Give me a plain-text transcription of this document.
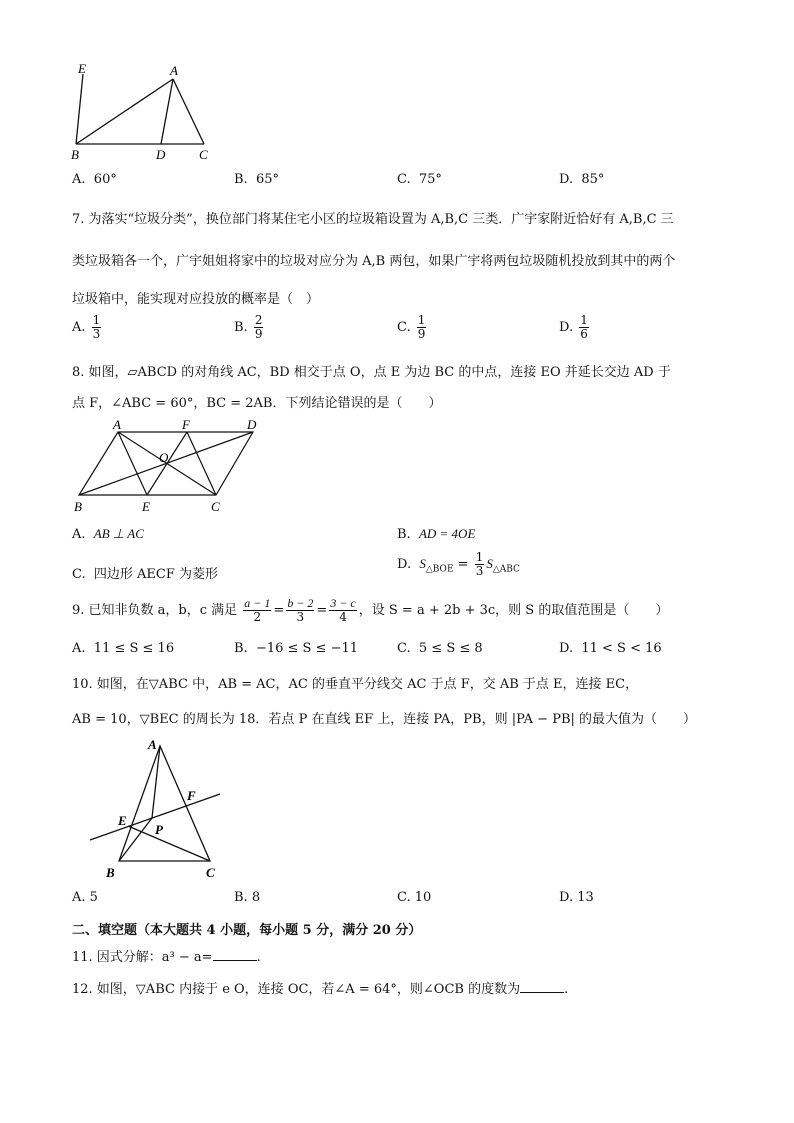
E	A
B	D	C
A. 60°	B. 65°	C. 75°	D. 85°
7. 为落实“垃圾分类”，换位部门将某住宅小区的垃圾箱设置为 A,B,C 三类．广宇家附近恰好有 A,B,C 三
类垃圾箱各一个，广宇姐姐将家中的垃圾对应分为 A,B 两包，如果广宇将两包垃圾随机投放到其中的两个
垃圾箱中，能实现对应投放的概率是（　）
A. $\frac{1}{3}$	B. $\frac{2}{9}$	C. $\frac{1}{9}$	D. $\frac{1}{6}$
8. 如图，▱ABCD 的对角线 AC，BD 相交于点 O，点 E 为边 BC 的中点，连接 EO 并延长交边 AD 于
点 F，∠ABC = 60°，BC = 2AB．下列结论错误的是（　　）
A	F	D
O
B	E	C
A. AB ⊥ AC	B. AD = 4OE
C. 四边形 AECF 为菱形
D. $S_{\triangle BOE} = \frac{1}{3} S_{\triangle ABC}$
9. 已知非负数 a，b，c 满足 $\frac{a - 1}{2} = \frac{b - 2}{3} = \frac{3 - c}{4}$ ，设 S = a + 2b + 3c，则 S 的取值范围是（　　）
A. 11 ≤ S ≤ 16	B. −16 ≤ S ≤ −11	C. 5 ≤ S ≤ 8	D. 11 < S < 16
10. 如图，在▽ABC 中，AB = AC，AC 的垂直平分线交 AC 于点 F，交 AB 于点 E，连接 EC，
AB = 10，▽BEC 的周长为 18．若点 P 在直线 EF 上，连接 PA，PB，则 |PA − PB| 的最大值为（　　）
A
F
E
P
B	C
A. 5	B. 8	C. 10	D. 13
二、填空题（本大题共 4 小题，每小题 5 分，满分 20 分）
11. 因式分解：a³ − a=	.
12. 如图，▽ABC 内接于 e O，连接 OC，若∠A = 64°，则∠OCB 的度数为	.
